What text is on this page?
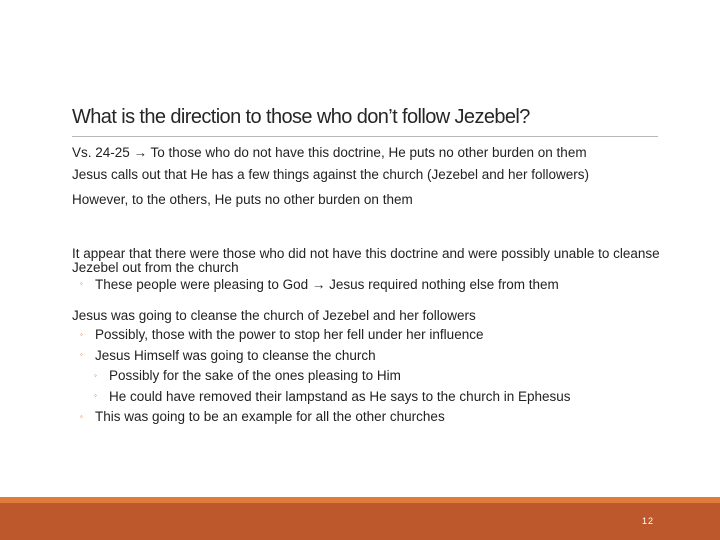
What is the direction to those who don’t follow Jezebel?

Vs. 24-25 → To those who do not have this doctrine, He puts no other burden on them

Jesus calls out that He has a few things against the church (Jezebel and her followers)

However, to the others, He puts no other burden on them

It appear that there were those who did not have this doctrine and were possibly unable to cleanse Jezebel out from the church

◦ These people were pleasing to God → Jesus required nothing else from them

Jesus was going to cleanse the church of Jezebel and her followers

◦ Possibly, those with the power to stop her fell under her influence
◦ Jesus Himself was going to cleanse the church
◦ Possibly for the sake of the ones pleasing to Him
◦ He could have removed their lampstand as He says to the church in Ephesus
◦ This was going to be an example for all the other churches
12
